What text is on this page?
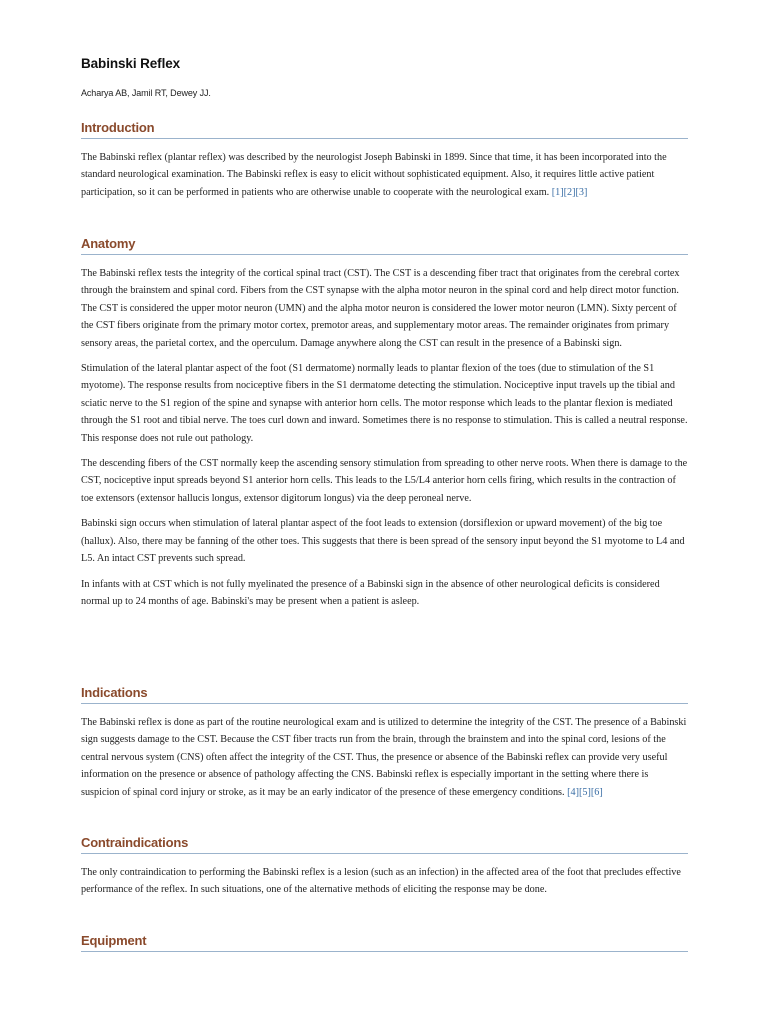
Babinski Reflex
Acharya AB, Jamil RT, Dewey JJ.
Introduction

The Babinski reflex (plantar reflex) was described by the neurologist Joseph Babinski in 1899. Since that time, it has been incorporated into the standard neurological examination. The Babinski reflex is easy to elicit without sophisticated equipment. Also, it requires little active patient participation, so it can be performed in patients who are otherwise unable to cooperate with the neurological exam. [1][2][3]

Anatomy

The Babinski reflex tests the integrity of the cortical spinal tract (CST). The CST is a descending fiber tract that originates from the cerebral cortex through the brainstem and spinal cord. Fibers from the CST synapse with the alpha motor neuron in the spinal cord and help direct motor function. The CST is considered the upper motor neuron (UMN) and the alpha motor neuron is considered the lower motor neuron (LMN). Sixty percent of the CST fibers originate from the primary motor cortex, premotor areas, and supplementary motor areas. The remainder originates from primary sensory areas, the parietal cortex, and the operculum. Damage anywhere along the CST can result in the presence of a Babinski sign.

Stimulation of the lateral plantar aspect of the foot (S1 dermatome) normally leads to plantar flexion of the toes (due to stimulation of the S1 myotome). The response results from nociceptive fibers in the S1 dermatome detecting the stimulation. Nociceptive input travels up the tibial and sciatic nerve to the S1 region of the spine and synapse with anterior horn cells. The motor response which leads to the plantar flexion is mediated through the S1 root and tibial nerve. The toes curl down and inward. Sometimes there is no response to stimulation. This is called a neutral response. This response does not rule out pathology.

The descending fibers of the CST normally keep the ascending sensory stimulation from spreading to other nerve roots. When there is damage to the CST, nociceptive input spreads beyond S1 anterior horn cells. This leads to the L5/L4 anterior horn cells firing, which results in the contraction of toe extensors (extensor hallucis longus, extensor digitorum longus) via the deep peroneal nerve.

Babinski sign occurs when stimulation of lateral plantar aspect of the foot leads to extension (dorsiflexion or upward movement) of the big toe (hallux). Also, there may be fanning of the other toes. This suggests that there is been spread of the sensory input beyond the S1 myotome to L4 and L5. An intact CST prevents such spread.

In infants with at CST which is not fully myelinated the presence of a Babinski sign in the absence of other neurological deficits is considered normal up to 24 months of age. Babinski's may be present when a patient is asleep.

Indications

The Babinski reflex is done as part of the routine neurological exam and is utilized to determine the integrity of the CST. The presence of a Babinski sign suggests damage to the CST. Because the CST fiber tracts run from the brain, through the brainstem and into the spinal cord, lesions of the central nervous system (CNS) often affect the integrity of the CST. Thus, the presence or absence of the Babinski reflex can provide very useful information on the presence or absence of pathology affecting the CNS. Babinski reflex is especially important in the setting where there is suspicion of spinal cord injury or stroke, as it may be an early indicator of the presence of these emergency conditions. [4][5][6]

Contraindications

The only contraindication to performing the Babinski reflex is a lesion (such as an infection) in the affected area of the foot that precludes effective performance of the reflex. In such situations, one of the alternative methods of eliciting the response may be done.

Equipment
